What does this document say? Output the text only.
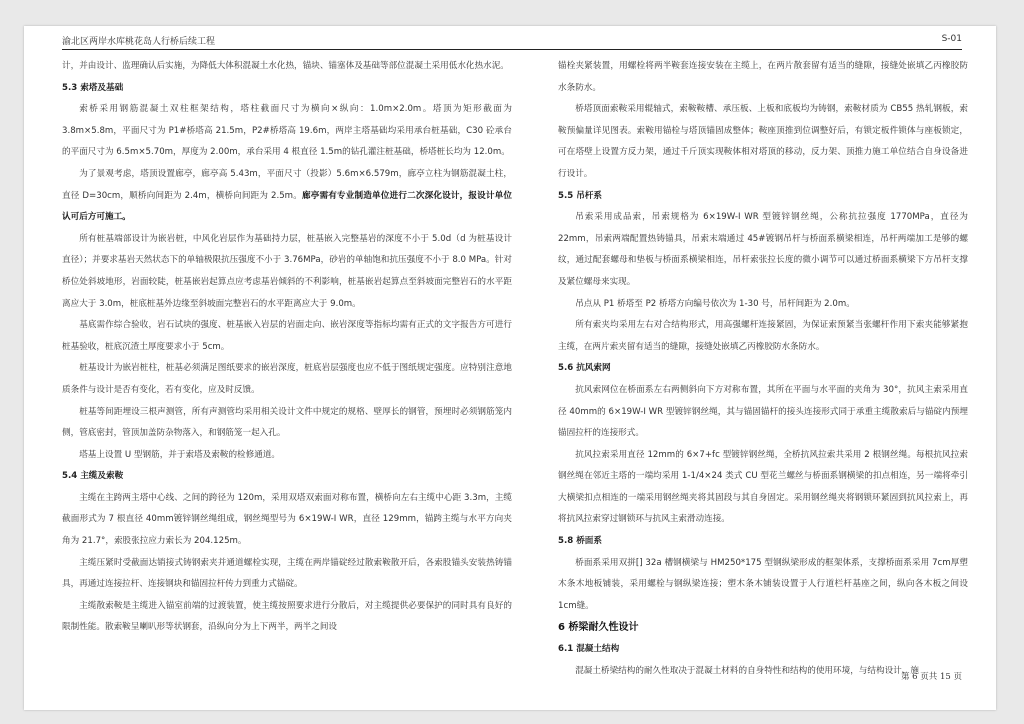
渝北区两岸水库桃花岛人行桥后续工程	S-01

计，并由设计、监理确认后实施，为降低大体积混凝土水化热，锚块、锚塞体及基础等部位混凝土采用低水化热水泥。

5.3 索塔及基础

索桥采用钢筋混凝土双柱框架结构，塔柱截面尺寸为横向×纵向：1.0m×2.0m。塔顶为矩形截面为 3.8m×5.8m，平面尺寸为 P1#桥塔高 21.5m，P2#桥塔高 19.6m，两岸主塔基础均采用承台桩基础，C30 砼承台的平面尺寸为 6.5m×5.70m，厚度为 2.00m，承台采用 4 根直径 1.5m的钻孔灌注桩基础，桥塔桩长均为 12.0m。

为了景观考虑，塔顶设置廊亭，廊亭高 5.43m，平面尺寸（投影）5.6m×6.579m，廊亭立柱为钢筋混凝土柱，直径 D=30cm，顺桥向间距为 2.4m，横桥向间距为 2.5m。廊亭需有专业制造单位进行二次深化设计，报设计单位认可后方可施工。

所有桩基端部设计为嵌岩桩，中风化岩层作为基础持力层，桩基嵌入完整基岩的深度不小于 5.0d（d 为桩基设计直径）；并要求基岩天然状态下的单轴极限抗压强度不小于 3.76MPa，砂岩的单轴饱和抗压强度不小于 8.0 MPa。针对桥位处斜坡地形，岩面较陡，桩基嵌岩起算点应考虑基岩倾斜的不利影响，桩基嵌岩起算点至斜坡面完整岩石的水平距离应大于 3.0m，桩底桩基外边缘至斜坡面完整岩石的水平距离应大于 9.0m。

基底需作综合验收，岩石试块的强度、桩基嵌入岩层的岩面走向、嵌岩深度等指标均需有正式的文字报告方可进行桩基验收，桩底沉渣土厚度要求小于 5cm。

桩基设计为嵌岩桩柱，桩基必须满足图纸要求的嵌岩深度，桩底岩层强度也应不低于图纸规定强度。应特别注意地质条件与设计是否有变化，若有变化，应及时反馈。

桩基等间距埋设三根声测管，所有声测管均采用相关设计文件中规定的规格、壁厚长的钢管，预埋时必须钢筋笼内侧，管底密封，管顶加盖防杂物落入，和钢筋笼一起入孔。

塔基上设置 U 型钢筋，并于索塔及索鞍的检修通道。

5.4 主缆及索鞍

主缆在主跨两主塔中心线、之间的跨径为 120m，采用双塔双索面对称布置，横桥向左右主缆中心距 3.3m，主缆截面形式为 7 根直径 40mm镀锌钢丝绳组成，钢丝绳型号为 6×19W-I WR，直径 129mm，锚跨主缆与水平方向夹角为 21.7°，索股张拉应力索长为 204.125m。

主缆压紧时受截面达销接式铸钢索夹并通道螺栓实现，主缆在两岸锚碇经过散索鞍散开后，各索股锚头安装热铸锚具，再通过连接拉杆、连接钢块和锚固拉杆传力到重力式锚碇。

主缆散索鞍是主缆进入锚室前端的过渡装置，使主缆按照要求进行分散后，对主缆提供必要保护的同时具有良好的限制性能。散索鞍呈喇叭形等状钢套，沿纵向分为上下两半，两半之间设

锚栓夹紧装置，用螺栓将两半鞍套连接安装在主缆上，在两片散套留有适当的缝隙，接缝处嵌填乙丙橡胶防水条防水。

桥塔顶面索鞍采用辊轴式，索鞍鞍槽、承压板、上板和底板均为铸钢，索鞍材质为 CB55 热轧钢板，索鞍预偏量详见图表。索鞍用锚栓与塔顶锚固成整体；鞍座顶推到位调整好后，有锁定板件锁体与座板锁定，可在塔壁上设置方反力架，通过千斤顶实现鞍体相对塔顶的移动，反力架、顶推力施工单位结合自身设备进行设计。

5.5 吊杆系

吊索采用成品索，吊索规格为 6×19W-I WR 型镀锌钢丝绳，公称抗拉强度 1770MPa，直径为 22mm，吊索两端配置热铸锚具，吊索末端通过 45#镀钢吊杆与桥面系横梁相连，吊杆两端加工是够的螺纹，通过配套螺母和垫板与桥面系横梁相连，吊杆索张拉长度的微小调节可以通过桥面系横梁下方吊杆支撑及紧位螺母来实现。

吊点从 P1 桥塔至 P2 桥塔方向编号依次为 1-30 号，吊杆间距为 2.0m。

所有索夹均采用左右对合结构形式，用高强螺杆连接紧固，为保证索预紧当张螺杆作用下索夹能够紧抱主缆，在两片索夹留有适当的缝隙，接缝处嵌填乙丙橡胶防水条防水。

5.6 抗风索网

抗风索网位在桥面系左右两侧斜向下方对称布置，其所在平面与水平面的夹角为 30°，抗风主索采用直径 40mm的 6×19W-I WR 型镀锌钢丝绳，其与锚固锚杆的接头连接形式同于承重主缆散索后与锚碇内预埋锚固拉杆的连接形式。

抗风拉索采用直径 12mm的 6×7+fc 型镀锌钢丝绳，全桥抗风拉索共采用 2 根钢丝绳。每根抗风拉索钢丝绳在邻近主塔的一端均采用 1-1/4×24 类式 CU 型花兰螺丝与桥面系钢横梁的扣点相连，另一端将牵引大横梁扣点相连的一端采用钢丝绳夹将其固段与其自身固定。采用钢丝绳夹将钢锁环紧固到抗风拉索上，再将抗风拉索穿过钢锁环与抗风主索滑动连接。

5.8 桥面系

桥面系采用双拼[] 32a 槽钢横梁与 HM250*175 型钢纵梁形成的框架体系，支撑桥面系采用 7cm厚塑木条木地板铺装，采用螺栓与钢纵梁连接；塑木条木铺装设置于人行道栏杆基座之间，纵向各木板之间设 1cm缝。

6 桥梁耐久性设计

6.1 混凝土结构

混凝土桥梁结构的耐久性取决于混凝土材料的自身特性和结构的使用环境，与结构设计、施

第 6 页共 15 页
